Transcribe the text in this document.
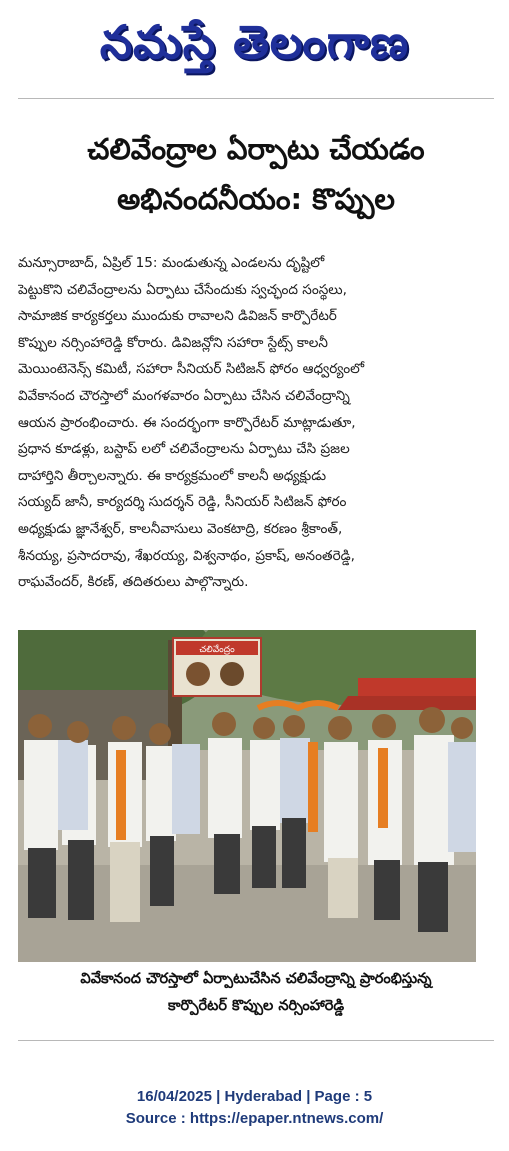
నమస్తే తెలంగాణ
చలివేంద్రాల ఏర్పాటు చేయడం
అభినందనీయం: కొప్పుల
మన్సూరాబాద్, ఏప్రిల్ 15: మండుతున్న ఎండలను దృష్టిలో
పెట్టుకొని చలివేంద్రాలను ఏర్పాటు చేసేందుకు స్వచ్ఛంద సంస్థలు,
సామాజిక కార్యకర్తలు ముందుకు రావాలని డివిజన్ కార్పొరేటర్
కొప్పుల నర్సింహారెడ్డి కోరారు. డివిజన్లోని సహారా స్టేట్స్ కాలనీ
మెయింటెనెన్స్ కమిటీ, సహారా సీనియర్ సిటిజన్ ఫోరం ఆధ్వర్యంలో
వివేకానంద చౌరస్తాలో మంగళవారం ఏర్పాటు చేసిన చలివేంద్రాన్ని
ఆయన ప్రారంభించారు. ఈ సందర్భంగా కార్పొరేటర్ మాట్లాడుతూ,
ప్రధాన కూడళ్లు, బస్టాప్ లలో చలివేంద్రాలను ఏర్పాటు చేసి ప్రజల
దాహార్తిని తీర్చాలన్నారు. ఈ కార్యక్రమంలో కాలనీ అధ్యక్షుడు
సయ్యద్ జానీ, కార్యదర్శి సుదర్శన్ రెడ్డి, సీనియర్ సిటిజన్ ఫోరం
అధ్యక్షుడు జ్ఞానేశ్వర్, కాలనీవాసులు వెంకటాద్రి, కరణం శ్రీకాంత్,
శీనయ్య, ప్రసాదరావు, శేఖరయ్య, విశ్వనాథం, ప్రకాష్, అనంతరెడ్డి,
రాఘవేందర్, కిరణ్, తదితరులు పాల్గొన్నారు.
చలివేంద్రం
వివేకానంద చౌరస్తాలో ఏర్పాటుచేసిన చలివేంద్రాన్ని ప్రారంభిస్తున్న
కార్పొరేటర్ కొప్పుల నర్సింహారెడ్డి
16/04/2025 | Hyderabad | Page : 5
Source : https://epaper.ntnews.com/
